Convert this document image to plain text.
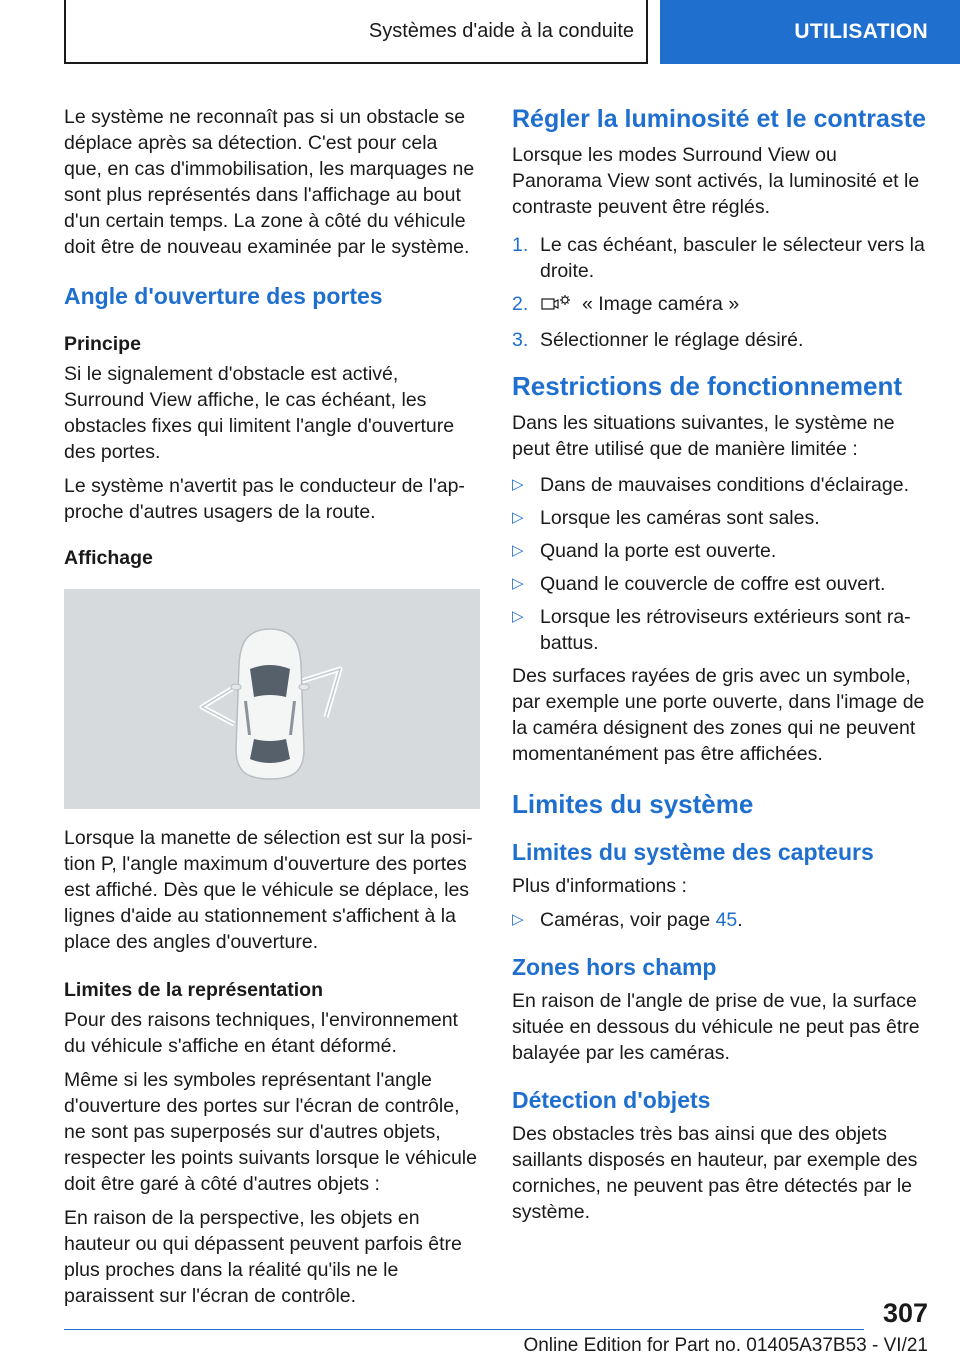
Systèmes d'aide à la conduite	UTILISATION

Le système ne reconnaît pas si un obstacle se déplace après sa détection. C'est pour cela que, en cas d'immobilisation, les marquages ne sont plus représentés dans l'affichage au bout d'un certain temps. La zone à côté du véhicule doit être de nouveau examinée par le système.

Angle d'ouverture des portes
Principe

Si le signalement d'obstacle est activé, Surround View affiche, le cas échéant, les obstacles fixes qui limitent l'angle d'ouverture des portes.

Le système n'avertit pas le conducteur de l'approche d'autres usagers de la route.

Affichage

Lorsque la manette de sélection est sur la position P, l'angle maximum d'ouverture des portes est affiché. Dès que le véhicule se déplace, les lignes d'aide au stationnement s'affichent à la place des angles d'ouverture.

Limites de la représentation

Pour des raisons techniques, l'environnement du véhicule s'affiche en étant déformé.

Même si les symboles représentant l'angle d'ouverture des portes sur l'écran de contrôle, ne sont pas superposés sur d'autres objets, respecter les points suivants lorsque le véhicule doit être garé à côté d'autres objets :

En raison de la perspective, les objets en hauteur ou qui dépassent peuvent parfois être plus proches dans la réalité qu'ils ne le paraissent sur l'écran de contrôle.

Régler la luminosité et le contraste

Lorsque les modes Surround View ou Panorama View sont activés, la luminosité et le contraste peuvent être réglés.

1. Le cas échéant, basculer le sélecteur vers la droite.
2.	« Image caméra »
3. Sélectionner le réglage désiré.
Restrictions de fonctionnement

Dans les situations suivantes, le système ne peut être utilisé que de manière limitée :

▷ Dans de mauvaises conditions d'éclairage.
▷ Lorsque les caméras sont sales.
▷ Quand la porte est ouverte.
▷ Quand le couvercle de coffre est ouvert.
▷ Lorsque les rétroviseurs extérieurs sont rabattus.

Des surfaces rayées de gris avec un symbole, par exemple une porte ouverte, dans l'image de la caméra désignent des zones qui ne peuvent momentanément pas être affichées.

Limites du système
Limites du système des capteurs

Plus d'informations :

▷ Caméras, voir page 45.
Zones hors champ

En raison de l'angle de prise de vue, la surface située en dessous du véhicule ne peut pas être balayée par les caméras.

Détection d'objets

Des obstacles très bas ainsi que des objets saillants disposés en hauteur, par exemple des corniches, ne peuvent pas être détectés par le système.

307
Online Edition for Part no. 01405A37B53 - VI/21
